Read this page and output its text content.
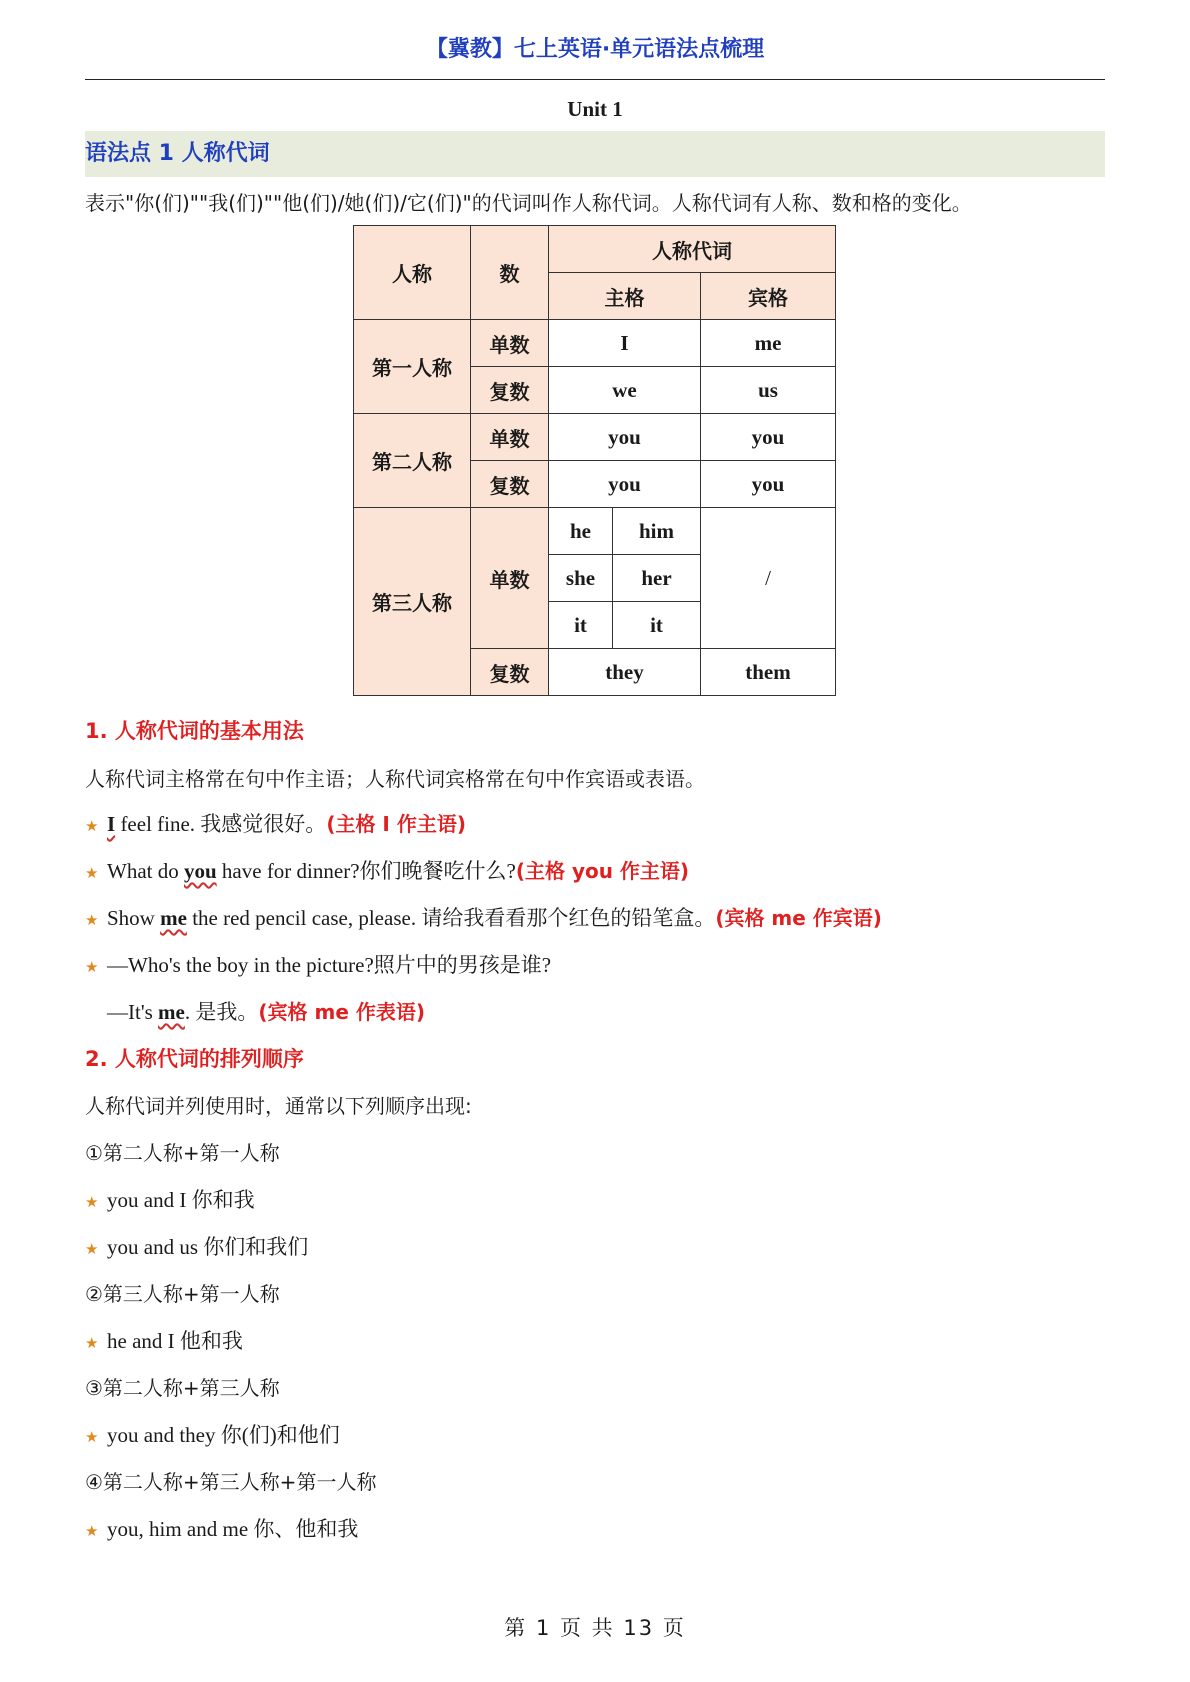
【冀教】七上英语·单元语法点梳理
Unit 1
语法点 1 人称代词
表示"你(们)""我(们)""他(们)/她(们)/它(们)"的代词叫作人称代词。人称代词有人称、数和格的变化。
人称	数	人称代词		
		主格		宾格
第一人称	单数	I		me
	复数	we		us
第二人称	单数	you		you
	复数	you		you
第三人称	单数	he	him	/
		she	her	
		it	it	
	复数	they		them
1. 人称代词的基本用法
人称代词主格常在句中作主语；人称代词宾格常在句中作宾语或表语。
★ I feel fine. 我感觉很好。(主格 I 作主语)
★ What do you have for dinner?你们晚餐吃什么?(主格 you 作主语)
★ Show me the red pencil case, please. 请给我看看那个红色的铅笔盒。(宾格 me 作宾语)
★ —Who's the boy in the picture?照片中的男孩是谁?
—It's me. 是我。(宾格 me 作表语)
2. 人称代词的排列顺序
人称代词并列使用时，通常以下列顺序出现:
①第二人称+第一人称
★ you and I 你和我
★ you and us 你们和我们
②第三人称+第一人称
★ he and I 他和我
③第二人称+第三人称
★ you and they 你(们)和他们
④第二人称+第三人称+第一人称
★ you, him and me 你、他和我
第 1 页 共 13 页
